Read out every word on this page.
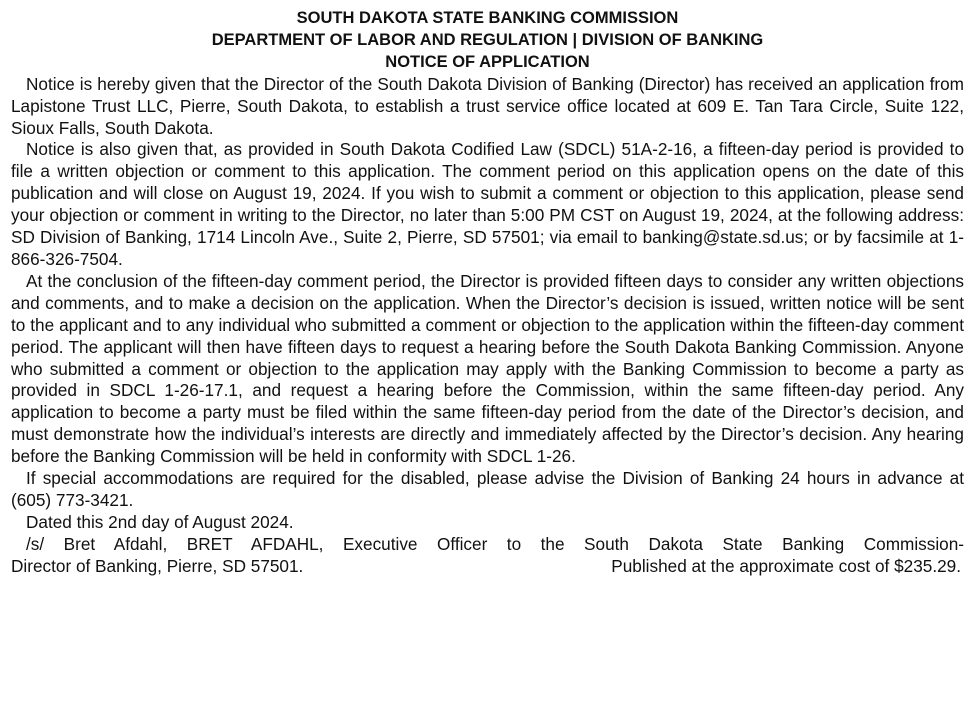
SOUTH DAKOTA STATE BANKING COMMISSION
DEPARTMENT OF LABOR AND REGULATION | DIVISION OF BANKING
NOTICE OF APPLICATION

Notice is hereby given that the Director of the South Dakota Division of Banking (Director) has received an application from Lapistone Trust LLC, Pierre, South Dakota, to establish a trust service office located at 609 E. Tan Tara Circle, Suite 122, Sioux Falls, South Dakota.

Notice is also given that, as provided in South Dakota Codified Law (SDCL) 51A-2-16, a fifteen-day period is provided to file a written objection or comment to this application. The comment period on this application opens on the date of this publication and will close on August 19, 2024. If you wish to submit a comment or objection to this application, please send your objection or comment in writing to the Director, no later than 5:00 PM CST on August 19, 2024, at the following address: SD Division of Banking, 1714 Lincoln Ave., Suite 2, Pierre, SD 57501; via email to banking@state.sd.us; or by facsimile at 1-866-326-7504.

At the conclusion of the fifteen-day comment period, the Director is provided fifteen days to consider any written objections and comments, and to make a decision on the application. When the Director’s decision is issued, written notice will be sent to the applicant and to any individual who submitted a comment or objection to the application within the fifteen-day comment period. The applicant will then have fifteen days to request a hearing before the South Dakota Banking Commission. Anyone who submitted a comment or objection to the application may apply with the Banking Commission to become a party as provided in SDCL 1-26-17.1, and request a hearing before the Commission, within the same fifteen-day period. Any application to become a party must be filed within the same fifteen-day period from the date of the Director’s decision, and must demonstrate how the individual’s interests are directly and immediately affected by the Director’s decision. Any hearing before the Banking Commission will be held in conformity with SDCL 1-26.

If special accommodations are required for the disabled, please advise the Division of Banking 24 hours in advance at (605) 773-3421.

Dated this 2nd day of August 2024.

/s/ Bret Afdahl, BRET AFDAHL, Executive Officer to the South Dakota State Banking Commission-

Director of Banking, Pierre, SD 57501.	Published at the approximate cost of $235.29.
